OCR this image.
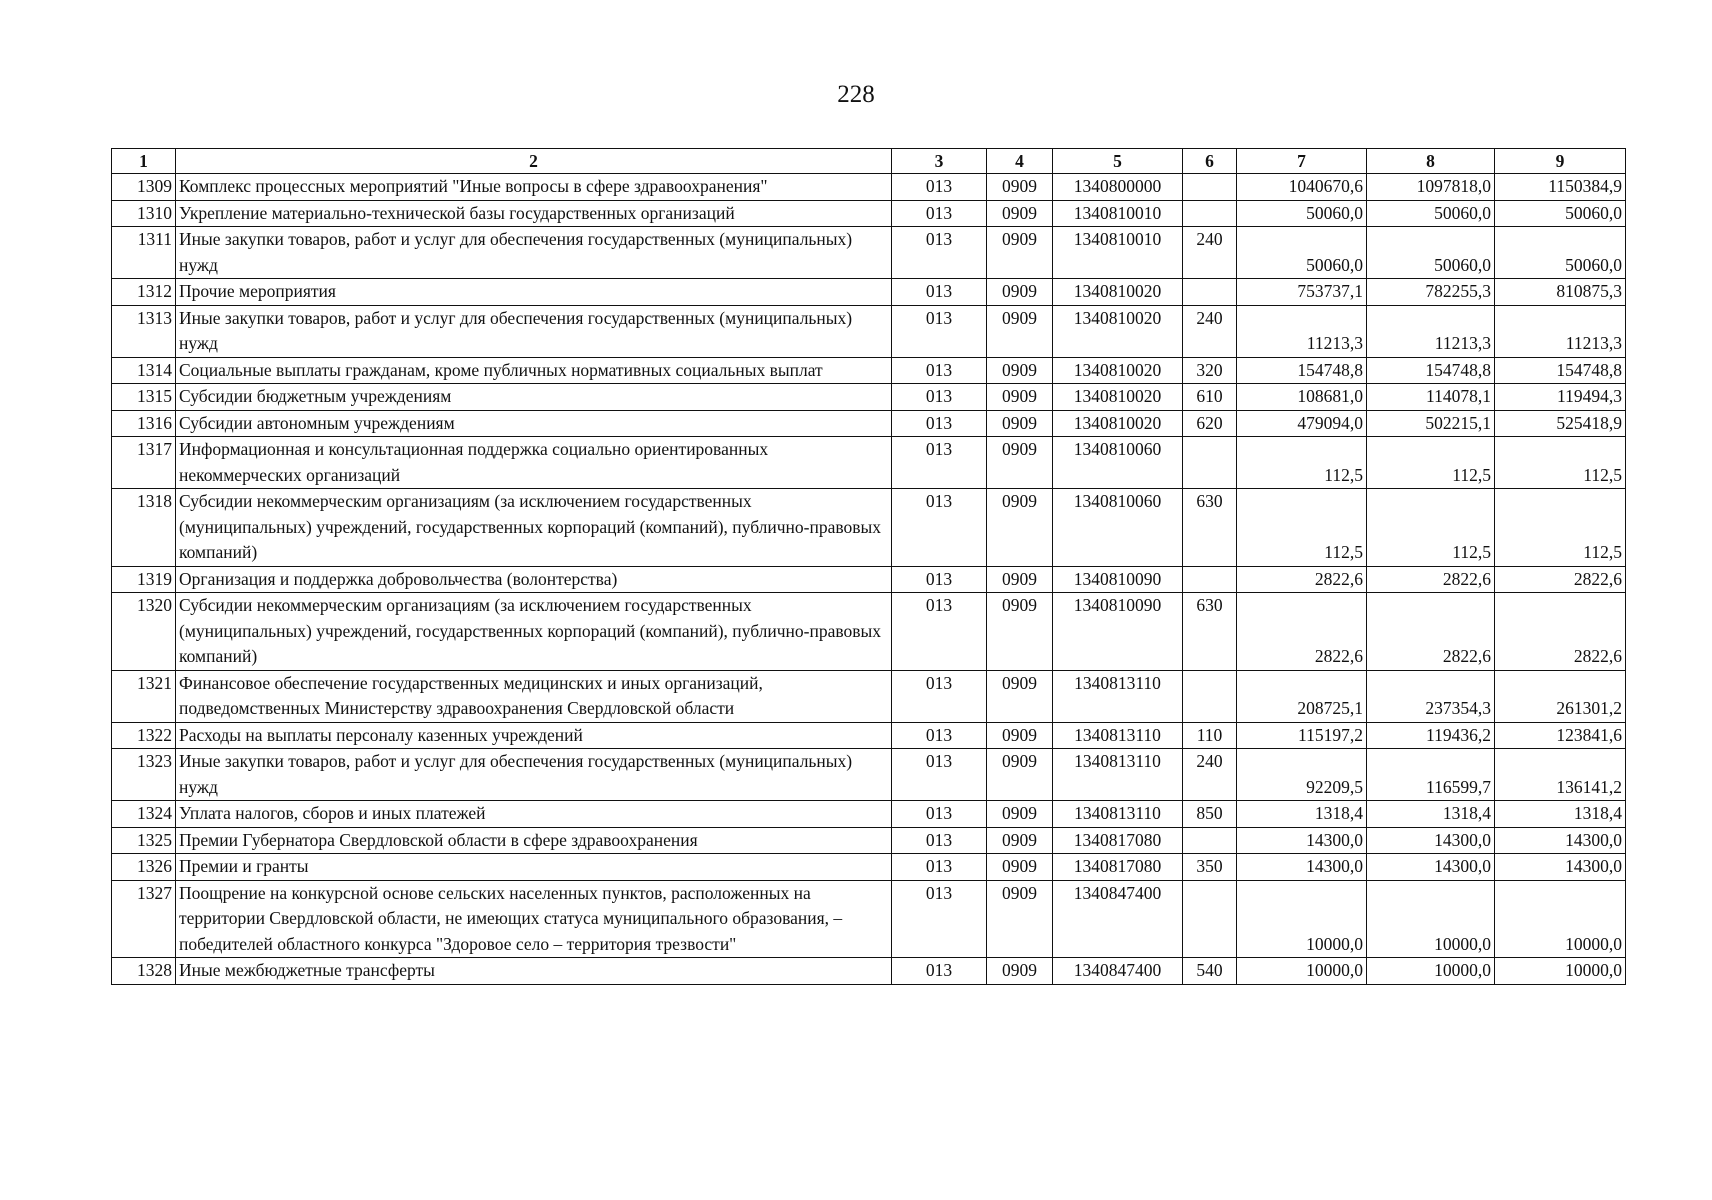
228
1	2	3	4	5	6	7	8	9
1309	Комплекс процессных мероприятий "Иные вопросы в сфере здравоохранения"	013	0909	1340800000		1040670,6	1097818,0	1150384,9
1310	Укрепление материально-технической базы государственных организаций	013	0909	1340810010		50060,0	50060,0	50060,0
1311	Иные закупки товаров, работ и услуг для обеспечения государственных (муниципальных) нужд	013	0909	1340810010	240	50060,0	50060,0	50060,0
1312	Прочие мероприятия	013	0909	1340810020		753737,1	782255,3	810875,3
1313	Иные закупки товаров, работ и услуг для обеспечения государственных (муниципальных) нужд	013	0909	1340810020	240	11213,3	11213,3	11213,3
1314	Социальные выплаты гражданам, кроме публичных нормативных социальных выплат	013	0909	1340810020	320	154748,8	154748,8	154748,8
1315	Субсидии бюджетным учреждениям	013	0909	1340810020	610	108681,0	114078,1	119494,3
1316	Субсидии автономным учреждениям	013	0909	1340810020	620	479094,0	502215,1	525418,9
1317	Информационная и консультационная поддержка социально ориентированных некоммерческих организаций	013	0909	1340810060		112,5	112,5	112,5
1318	Субсидии некоммерческим организациям (за исключением государственных (муниципальных) учреждений, государственных корпораций (компаний), публично-правовых компаний)	013	0909	1340810060	630	112,5	112,5	112,5
1319	Организация и поддержка добровольчества (волонтерства)	013	0909	1340810090		2822,6	2822,6	2822,6
1320	Субсидии некоммерческим организациям (за исключением государственных (муниципальных) учреждений, государственных корпораций (компаний), публично-правовых компаний)	013	0909	1340810090	630	2822,6	2822,6	2822,6
1321	Финансовое обеспечение государственных медицинских и иных организаций, подведомственных Министерству здравоохранения Свердловской области	013	0909	1340813110		208725,1	237354,3	261301,2
1322	Расходы на выплаты персоналу казенных учреждений	013	0909	1340813110	110	115197,2	119436,2	123841,6
1323	Иные закупки товаров, работ и услуг для обеспечения государственных (муниципальных) нужд	013	0909	1340813110	240	92209,5	116599,7	136141,2
1324	Уплата налогов, сборов и иных платежей	013	0909	1340813110	850	1318,4	1318,4	1318,4
1325	Премии Губернатора Свердловской области в сфере здравоохранения	013	0909	1340817080		14300,0	14300,0	14300,0
1326	Премии и гранты	013	0909	1340817080	350	14300,0	14300,0	14300,0
1327	Поощрение на конкурсной основе сельских населенных пунктов, расположенных на территории Свердловской области, не имеющих статуса муниципального образования, – победителей областного конкурса "Здоровое село – территория трезвости"	013	0909	1340847400		10000,0	10000,0	10000,0
1328	Иные межбюджетные трансферты	013	0909	1340847400	540	10000,0	10000,0	10000,0
